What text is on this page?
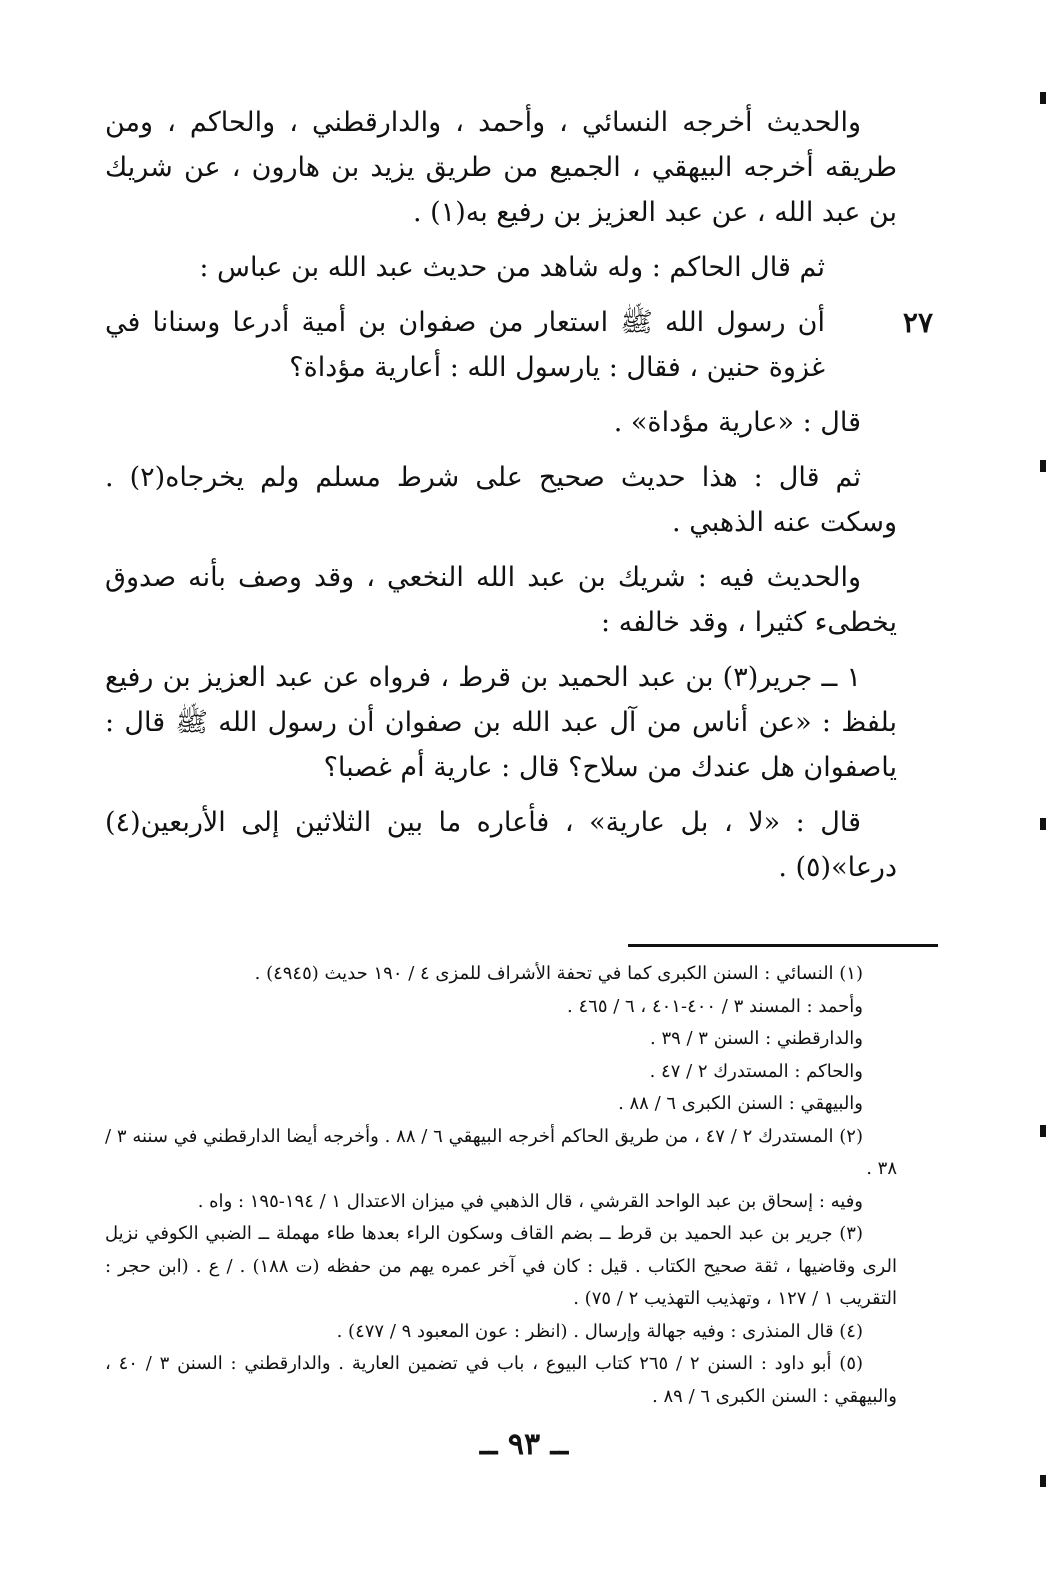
والحديث أخرجه النسائي ، وأحمد ، والدارقطني ، والحاكم ، ومن طريقه أخرجه البيهقي ، الجميع من طريق يزيد بن هارون ، عن شريك بن عبد الله ، عن عبد العزيز بن رفيع به(١) .

ثم قال الحاكم : وله شاهد من حديث عبد الله بن عباس :

٢٧
أن رسول الله ﷺ استعار من صفوان بن أمية أدرعا وسنانا في غزوة حنين ، فقال : يارسول الله : أعارية مؤداة؟

قال : «عارية مؤداة» .

ثم قال : هذا حديث صحيح على شرط مسلم ولم يخرجاه(٢) . وسكت عنه الذهبي .

والحديث فيه : شريك بن عبد الله النخعي ، وقد وصف بأنه صدوق يخطىء كثيرا ، وقد خالفه :

١ ــ جرير(٣) بن عبد الحميد بن قرط ، فرواه عن عبد العزيز بن رفيع بلفظ : «عن أناس من آل عبد الله بن صفوان أن رسول الله ﷺ قال : ياصفوان هل عندك من سلاح؟ قال : عارية أم غصبا؟

قال : «لا ، بل عارية» ، فأعاره ما بين الثلاثين إلى الأربعين(٤) درعا»(٥) .

(١) النسائي : السنن الكبرى كما في تحفة الأشراف للمزى ٤ / ١٩٠ حديث (٤٩٤٥) .

وأحمد : المسند ٣ / ٤٠٠-٤٠١ ، ٦ / ٤٦٥ .

والدارقطني : السنن ٣ / ٣٩ .

والحاكم : المستدرك ٢ / ٤٧ .

والبيهقي : السنن الكبرى ٦ / ٨٨ .

(٢) المستدرك ٢ / ٤٧ ، من طريق الحاكم أخرجه البيهقي ٦ / ٨٨ . وأخرجه أيضا الدارقطني في سننه ٣ / ٣٨ .

وفيه : إسحاق بن عبد الواحد القرشي ، قال الذهبي في ميزان الاعتدال ١ / ١٩٤-١٩٥ : واه .

(٣) جرير بن عبد الحميد بن قرط ــ بضم القاف وسكون الراء بعدها طاء مهملة ــ الضبي الكوفي نزيل الرى وقاضيها ، ثقة صحيح الكتاب . قيل : كان في آخر عمره يهم من حفظه (ت ١٨٨) . / ع . (ابن حجر : التقريب ١ / ١٢٧ ، وتهذيب التهذيب ٢ / ٧٥) .

(٤) قال المنذرى : وفيه جهالة وإرسال . (انظر : عون المعبود ٩ / ٤٧٧) .

(٥) أبو داود : السنن ٢ / ٢٦٥ كتاب البيوع ، باب في تضمين العارية . والدارقطني : السنن ٣ / ٤٠ ، والبيهقي : السنن الكبرى ٦ / ٨٩ .

ــ ٩٣ ــ
